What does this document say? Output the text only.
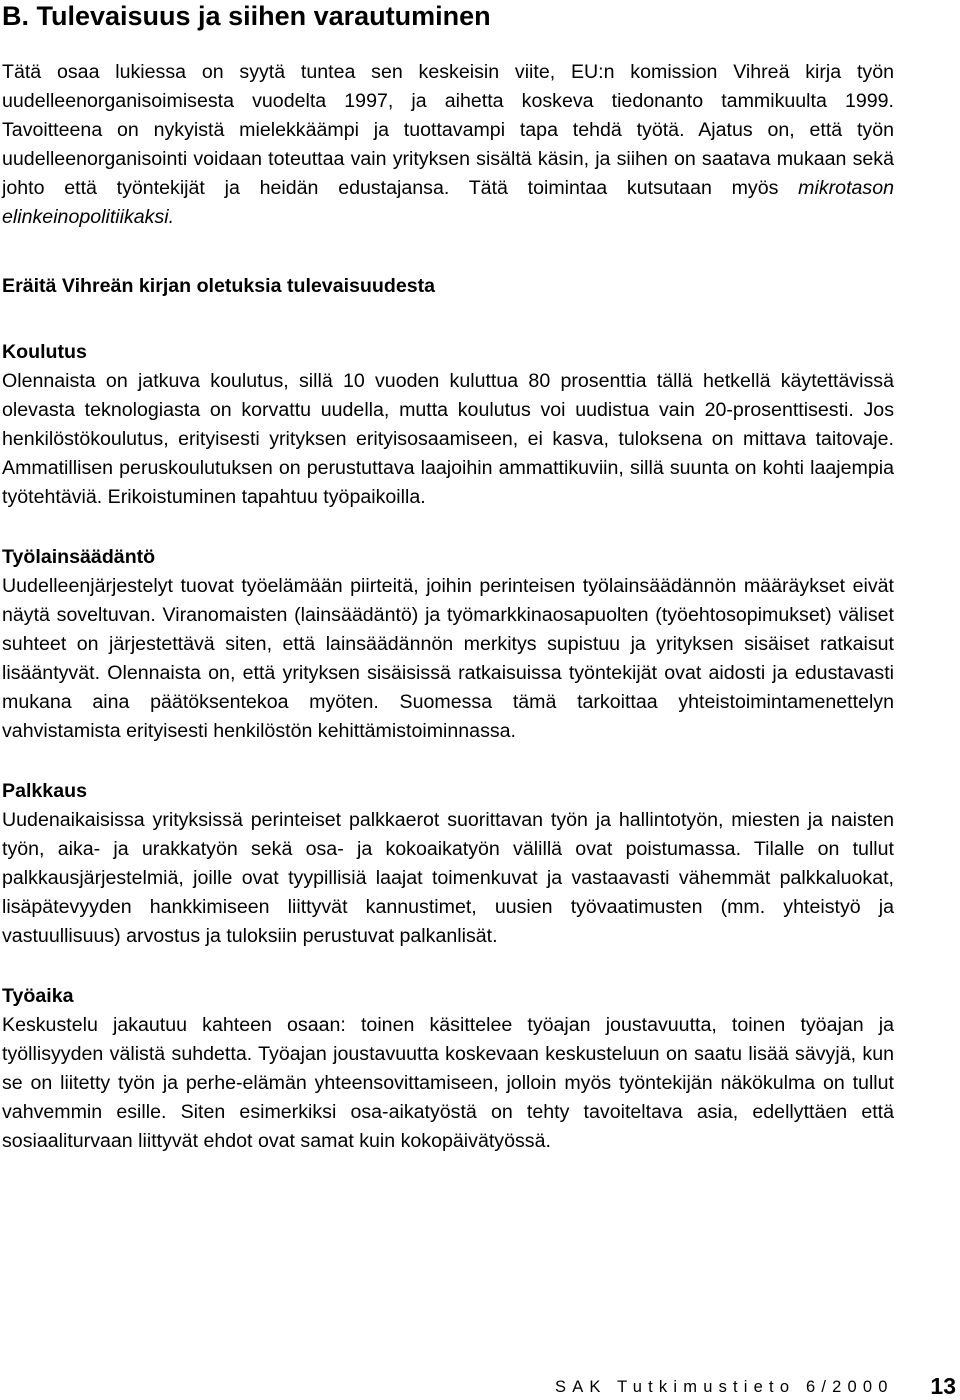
B. Tulevaisuus ja siihen varautuminen

Tätä osaa lukiessa on syytä tuntea sen keskeisin viite, EU:n komission Vihreä kirja työn uudelleenorganisoimisesta vuodelta 1997, ja aihetta koskeva tiedonanto tammikuulta 1999. Tavoitteena on nykyistä mielekkäämpi ja tuottavampi tapa tehdä työtä. Ajatus on, että työn uudelleenorganisointi voidaan toteuttaa vain yrityksen sisältä käsin, ja siihen on saatava mukaan sekä johto että työntekijät ja heidän edustajansa. Tätä toimintaa kutsutaan myös mikrotason elinkeinopolitiikaksi.

Eräitä Vihreän kirjan oletuksia tulevaisuudesta
Koulutus

Olennaista on jatkuva koulutus, sillä 10 vuoden kuluttua 80 prosenttia tällä hetkellä käytettävissä olevasta teknologiasta on korvattu uudella, mutta koulutus voi uudistua vain 20-prosenttisesti. Jos henkilöstökoulutus, erityisesti yrityksen erityisosaamiseen, ei kasva, tuloksena on mittava taitovaje. Ammatillisen peruskoulutuksen on perustuttava laajoihin ammattikuviin, sillä suunta on kohti laajempia työtehtäviä. Erikoistuminen tapahtuu työpaikoilla.

Työlainsäädäntö

Uudelleenjärjestelyt tuovat työelämään piirteitä, joihin perinteisen työlainsäädännön määräykset eivät näytä soveltuvan. Viranomaisten (lainsäädäntö) ja työmarkkinaosapuolten (työehtosopimukset) väliset suhteet on järjestettävä siten, että lainsäädännön merkitys supistuu ja yrityksen sisäiset ratkaisut lisääntyvät. Olennaista on, että yrityksen sisäisissä ratkaisuissa työntekijät ovat aidosti ja edustavasti mukana aina päätöksentekoa myöten. Suomessa tämä tarkoittaa yhteistoimintamenettelyn vahvistamista erityisesti henkilöstön kehittämistoiminnassa.

Palkkaus

Uudenaikaisissa yrityksissä perinteiset palkkaerot suorittavan työn ja hallintotyön, miesten ja naisten työn, aika- ja urakkatyön sekä osa- ja kokoaikatyön välillä ovat poistumassa. Tilalle on tullut palkkausjärjestelmiä, joille ovat tyypillisiä laajat toimenkuvat ja vastaavasti vähemmät palkkaluokat, lisäpätevyyden hankkimiseen liittyvät kannustimet, uusien työvaatimusten (mm. yhteistyö ja vastuullisuus) arvostus ja tuloksiin perustuvat palkanlisät.

Työaika

Keskustelu jakautuu kahteen osaan: toinen käsittelee työajan joustavuutta, toinen työajan ja työllisyyden välistä suhdetta. Työajan joustavuutta koskevaan keskusteluun on saatu lisää sävyjä, kun se on liitetty työn ja perhe-elämän yhteensovittamiseen, jolloin myös työntekijän näkökulma on tullut vahvemmin esille. Siten esimerkiksi osa-aikatyöstä on tehty tavoiteltava asia, edellyttäen että sosiaaliturvaan liittyvät ehdot ovat samat kuin kokopäivätyössä.

SAK Tutkimustieto 6/2000 13
